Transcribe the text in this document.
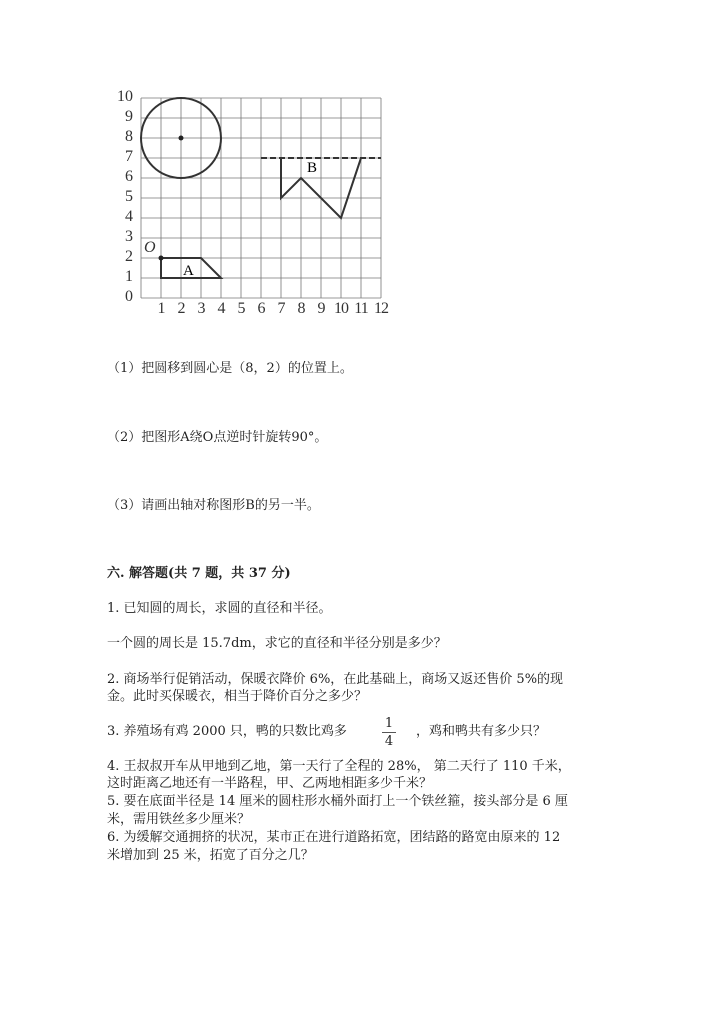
0
1
2
3
4
5
6
7
8
9
10
1 2 3 4 5 6 7 8 9 10 11 12
A
B
O
（1）把圆移到圆心是（8，2）的位置上。
（2）把图形A绕O点逆时针旋转90°。
（3）请画出轴对称图形B的另一半。
六. 解答题(共 7 题，共 37 分)
1. 已知圆的周长，求圆的直径和半径。
一个圆的周长是 15.7dm，求它的直径和半径分别是多少？
2. 商场举行促销活动，保暖衣降价 6%，在此基础上，商场又返还售价 5%的现
金。此时买保暖衣，相当于降价百分之多少？
3. 养殖场有鸡 2000 只，鸭的只数比鸡多	$\frac{1}{4}$ ，鸡和鸭共有多少只？
4. 王叔叔开车从甲地到乙地，第一天行了全程的 28%， 第二天行了 110 千米，
这时距离乙地还有一半路程，甲、乙两地相距多少千米？
5. 要在底面半径是 14 厘米的圆柱形水桶外面打上一个铁丝箍，接头部分是 6 厘
米，需用铁丝多少厘米？
6. 为缓解交通拥挤的状况，某市正在进行道路拓宽，团结路的路宽由原来的 12
米增加到 25 米，拓宽了百分之几？
